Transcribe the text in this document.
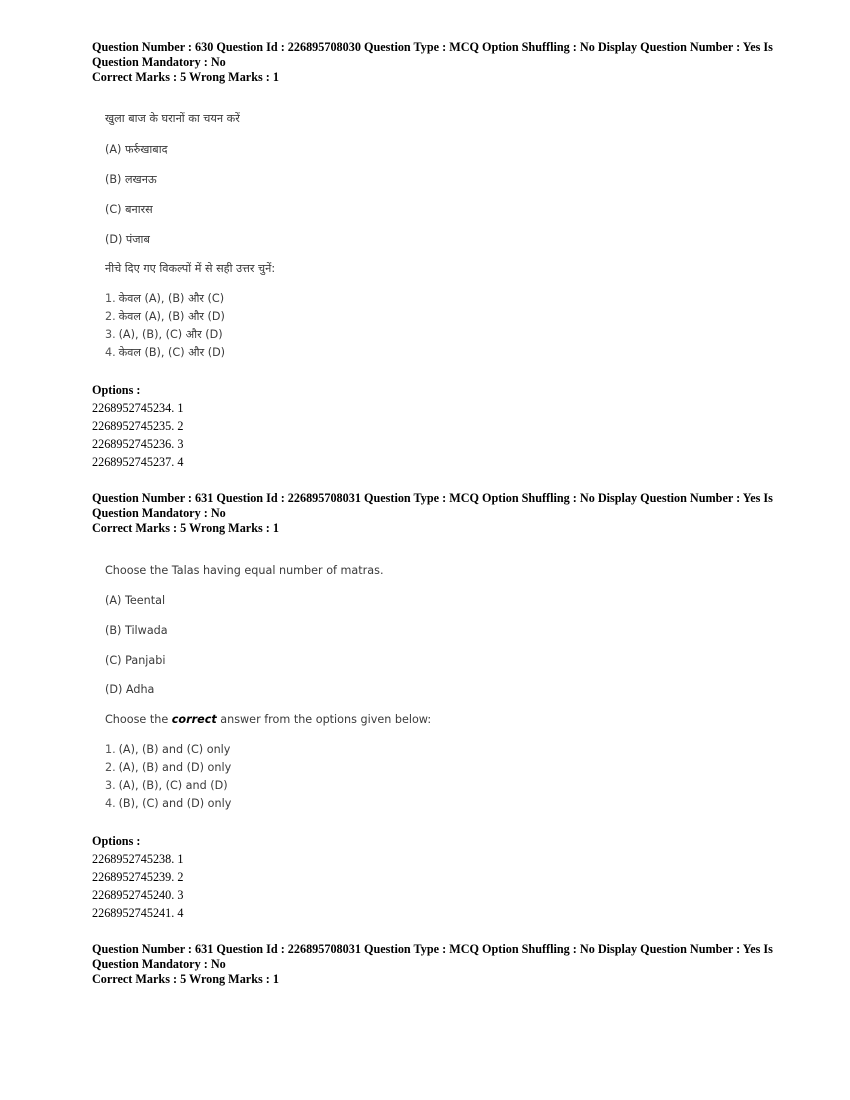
Question Number : 630 Question Id : 226895708030 Question Type : MCQ Option Shuffling : No Display Question Number : Yes Is
Question Mandatory : No
Correct Marks : 5 Wrong Marks : 1
खुला बाज के घरानों का चयन करें
(A) फर्रुखाबाद
(B) लखनऊ
(C) बनारस
(D) पंजाब
नीचे दिए गए विकल्पों में से सही उत्तर चुनें:
1. केवल (A), (B) और (C)
2. केवल (A), (B) और (D)
3. (A), (B), (C) और (D)
4. केवल (B), (C) और (D)
Options :
2268952745234. 1
2268952745235. 2
2268952745236. 3
2268952745237. 4
Question Number : 631 Question Id : 226895708031 Question Type : MCQ Option Shuffling : No Display Question Number : Yes Is
Question Mandatory : No
Correct Marks : 5 Wrong Marks : 1
Choose the Talas having equal number of matras.
(A) Teental
(B) Tilwada
(C) Panjabi
(D) Adha
Choose the correct answer from the options given below:
1. (A), (B) and (C) only
2. (A), (B) and (D) only
3. (A), (B), (C) and (D)
4. (B), (C) and (D) only
Options :
2268952745238. 1
2268952745239. 2
2268952745240. 3
2268952745241. 4
Question Number : 631 Question Id : 226895708031 Question Type : MCQ Option Shuffling : No Display Question Number : Yes Is
Question Mandatory : No
Correct Marks : 5 Wrong Marks : 1
